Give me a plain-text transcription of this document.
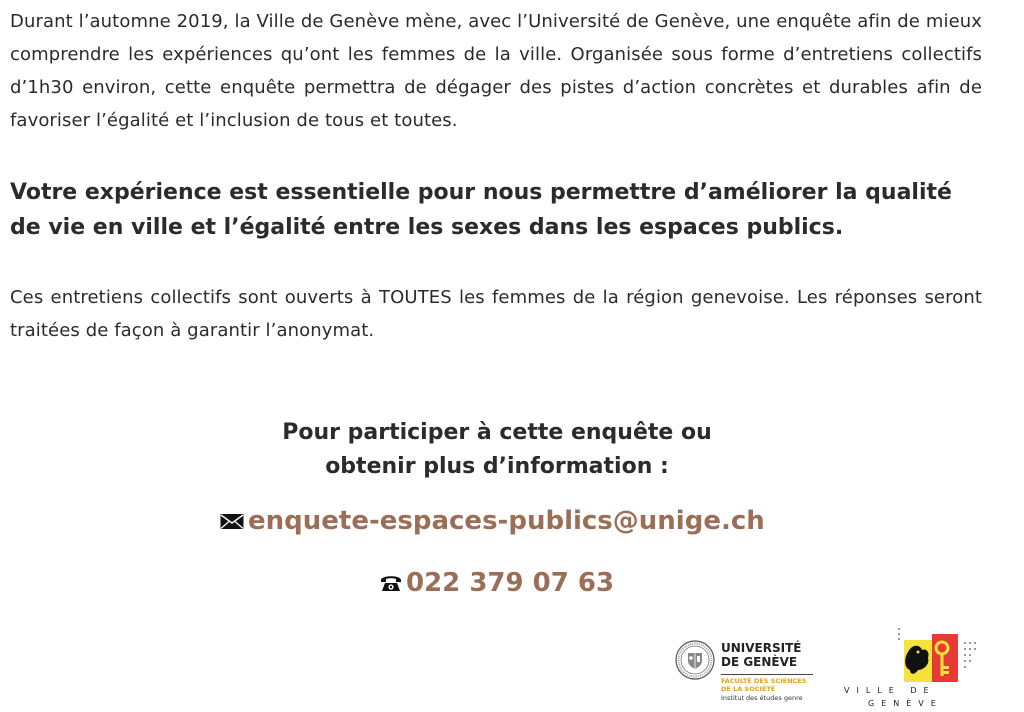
Durant l’automne 2019, la Ville de Genève mène, avec l’Université de Genève, une enquête afin de mieux comprendre les expériences qu’ont les femmes de la ville. Organisée sous forme d’entretiens collectifs d’1h30 environ, cette enquête permettra de dégager des pistes d’action concrètes et durables afin de favoriser l’égalité et l’inclusion de tous et toutes.

Votre expérience est essentielle pour nous permettre d’améliorer la qualité de vie en ville et l’égalité entre les sexes dans les espaces publics.

Ces entretiens collectifs sont ouverts à TOUTES les femmes de la région genevoise. Les réponses seront traitées de façon à garantir l’anonymat.

Pour participer à cette enquête ou
obtenir plus d’information :
enquete-espaces-publics@unige.ch
022 379 07 63
UNIVERSITÉ
DE GENÈVE
FACULTÉ DES SCIENCES
DE LA SOCIÉTÉ
Institut des études genre
VILLE DE
GENÈVE
